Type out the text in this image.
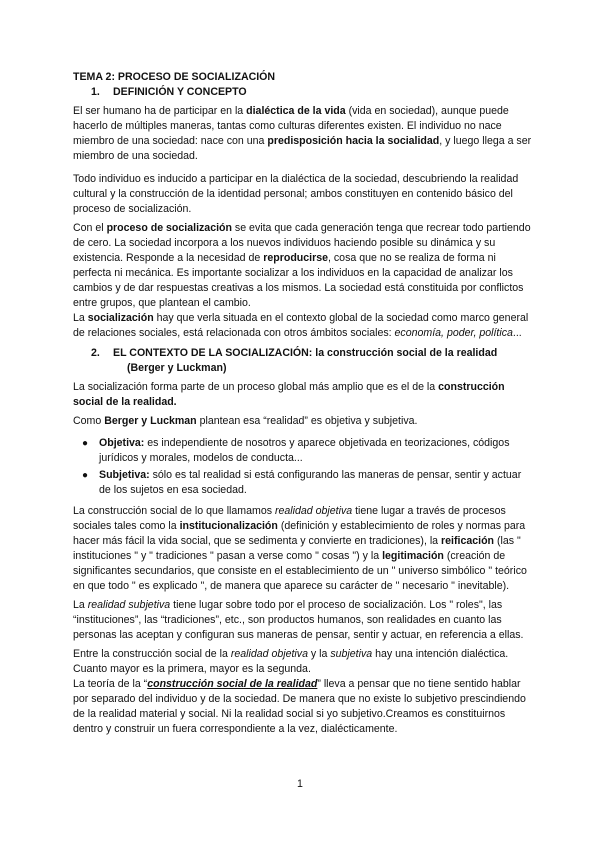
TEMA 2: PROCESO DE SOCIALIZACIÓN
1. DEFINICIÓN Y CONCEPTO

El ser humano ha de participar en la dialéctica de la vida (vida en sociedad), aunque puede hacerlo de múltiples maneras, tantas como culturas diferentes existen. El individuo no nace miembro de una sociedad: nace con una predisposición hacia la socialidad, y luego llega a ser miembro de una sociedad.

Todo individuo es inducido a participar en la dialéctica de la sociedad, descubriendo la realidad cultural y la construcción de la identidad personal; ambos constituyen en contenido básico del proceso de socialización.

Con el proceso de socialización se evita que cada generación tenga que recrear todo partiendo de cero. La sociedad incorpora a los nuevos individuos haciendo posible su dinámica y su existencia. Responde a la necesidad de reproducirse, cosa que no se realiza de forma ni perfecta ni mecánica. Es importante socializar a los individuos en la capacidad de analizar los cambios y de dar respuestas creativas a los mismos. La sociedad está constituida por conflictos entre grupos, que plantean el cambio.

La socialización hay que verla situada en el contexto global de la sociedad como marco general de relaciones sociales, está relacionada con otros ámbitos sociales: economía, poder, política...

2. EL CONTEXTO DE LA SOCIALIZACIÓN: la construcción social de la realidad
(Berger y Luckman)

La socialización forma parte de un proceso global más amplio que es el de la construcción social de la realidad.

Como Berger y Luckman plantean esa “realidad” es objetiva y subjetiva.

● Objetiva: es independiente de nosotros y aparece objetivada en teorizaciones, códigos jurídicos y morales, modelos de conducta...
● Subjetiva: sólo es tal realidad si está configurando las maneras de pensar, sentir y actuar de los sujetos en esa sociedad.

La construcción social de lo que llamamos realidad objetiva tiene lugar a través de procesos sociales tales como la institucionalización (definición y establecimiento de roles y normas para hacer más fácil la vida social, que se sedimenta y convierte en tradiciones), la reificación (las " instituciones " y " tradiciones " pasan a verse como " cosas ") y la legitimación (creación de significantes secundarios, que consiste en el establecimiento de un " universo simbólico " teórico en que todo " es explicado ", de manera que aparece su carácter de " necesario " inevitable).

La realidad subjetiva tiene lugar sobre todo por el proceso de socialización. Los " roles", las “instituciones”, las “tradiciones”, etc., son productos humanos, son realidades en cuanto las personas las aceptan y configuran sus maneras de pensar, sentir y actuar, en referencia a ellas.

Entre la construcción social de la realidad objetiva y la subjetiva hay una intención dialéctica. Cuanto mayor es la primera, mayor es la segunda.

La teoría de la “construcción social de la realidad” lleva a pensar que no tiene sentido hablar por separado del individuo y de la sociedad. De manera que no existe lo subjetivo prescindiendo de la realidad material y social. Ni la realidad social si yo subjetivo.Creamos es constituirnos dentro y construir un fuera correspondiente a la vez, dialécticamente.

1
